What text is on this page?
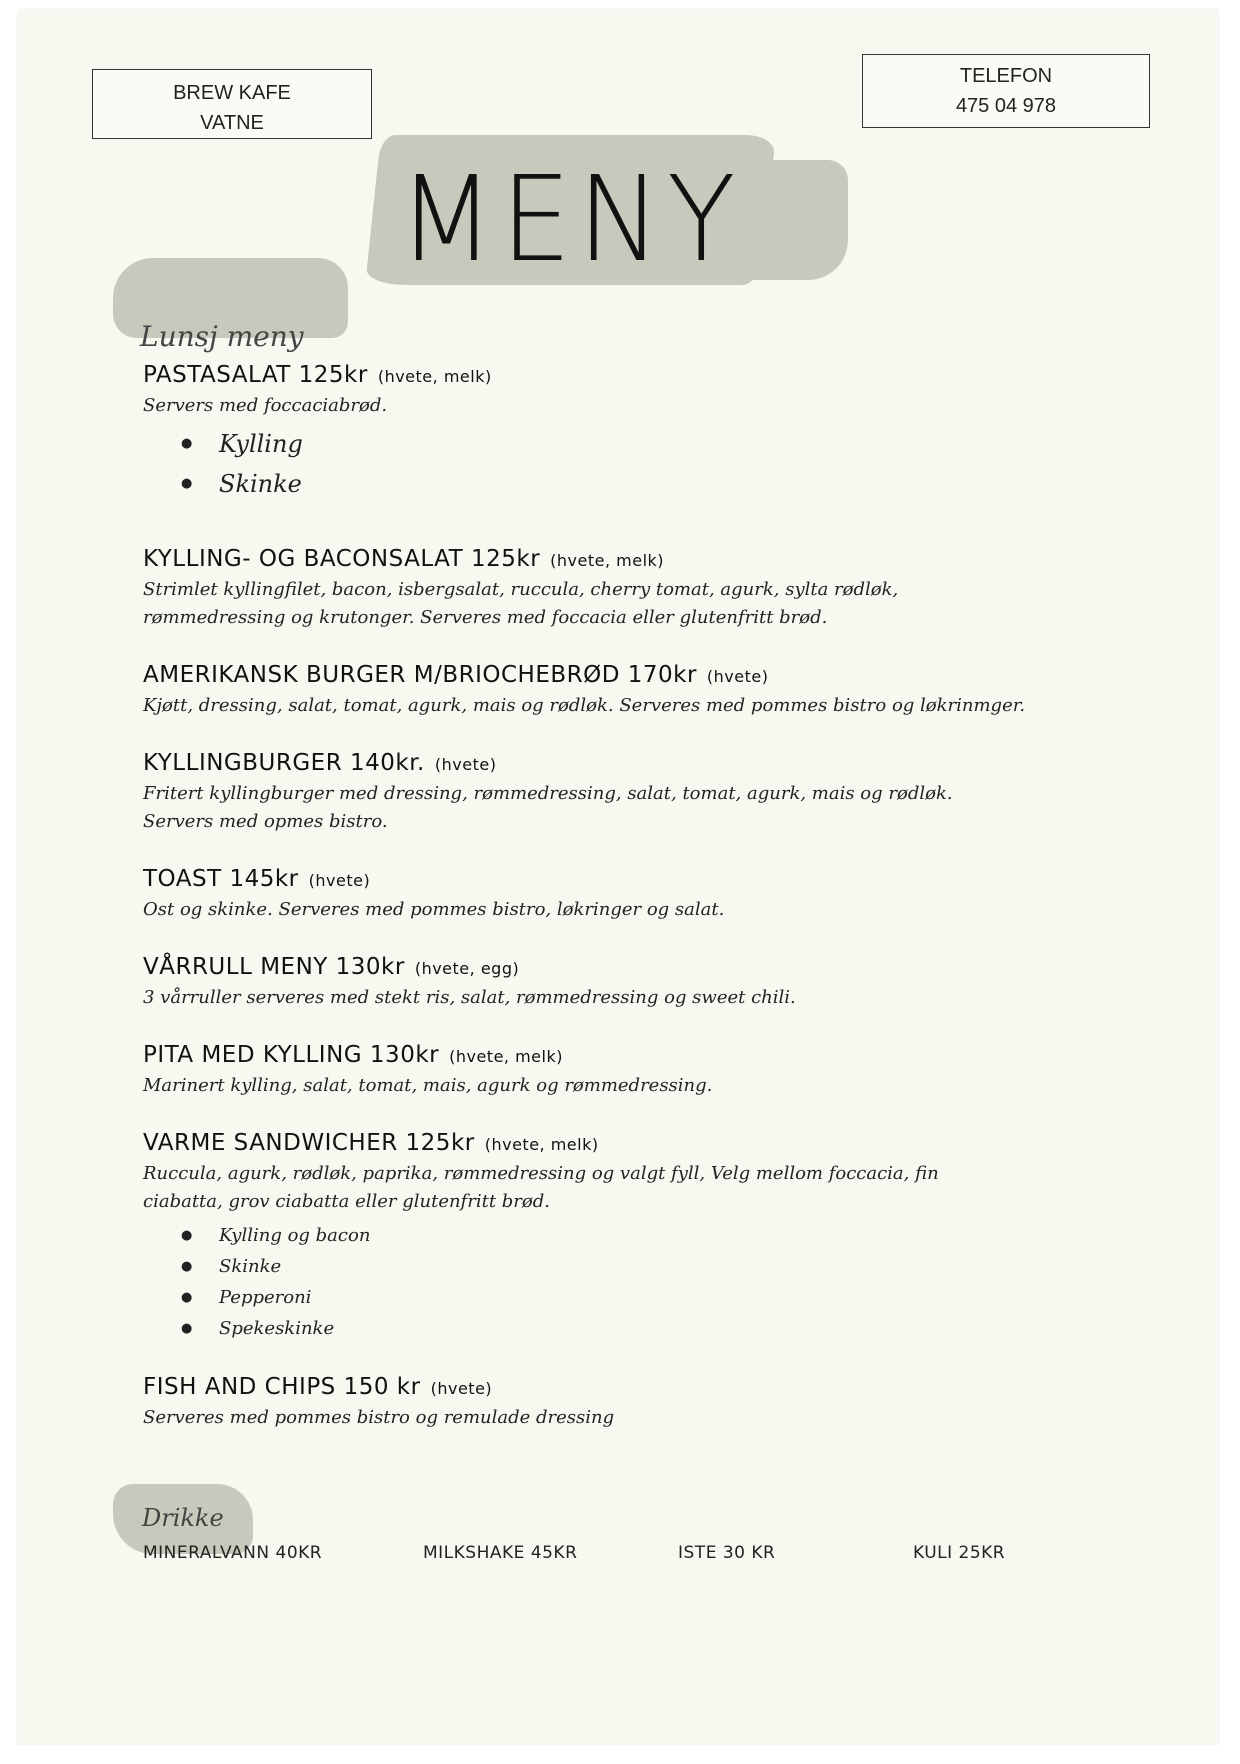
BREW KAFE
VATNE
TELEFON
475 04 978
MENY
Lunsj meny
PASTASALAT 125kr (hvete, melk)
Servers med foccaciabrød.
● Kylling
● Skinke
KYLLING- OG BACONSALAT 125kr (hvete, melk)
Strimlet kyllingfilet, bacon, isbergsalat, ruccula, cherry tomat, agurk, sylta rødløk,
rømmedressing og krutonger. Serveres med foccacia eller glutenfritt brød.
AMERIKANSK BURGER M/BRIOCHEBRØD 170kr (hvete)
Kjøtt, dressing, salat, tomat, agurk, mais og rødløk. Serveres med pommes bistro og løkrinmger.
KYLLINGBURGER 140kr. (hvete)
Fritert kyllingburger med dressing, rømmedressing, salat, tomat, agurk, mais og rødløk.
Servers med opmes bistro.
TOAST 145kr (hvete)
Ost og skinke. Serveres med pommes bistro, løkringer og salat.
VÅRRULL MENY 130kr (hvete, egg)
3 vårruller serveres med stekt ris, salat, rømmedressing og sweet chili.
PITA MED KYLLING 130kr (hvete, melk)
Marinert kylling, salat, tomat, mais, agurk og rømmedressing.
VARME SANDWICHER 125kr (hvete, melk)
Ruccula, agurk, rødløk, paprika, rømmedressing og valgt fyll, Velg mellom foccacia, fin
ciabatta, grov ciabatta eller glutenfritt brød.
● Kylling og bacon
● Skinke
● Pepperoni
● Spekeskinke
FISH AND CHIPS 150 kr (hvete)
Serveres med pommes bistro og remulade dressing
Drikke
MINERALVANN 40KR	MILKSHAKE 45KR	ISTE 30 KR	KULI 25KR
